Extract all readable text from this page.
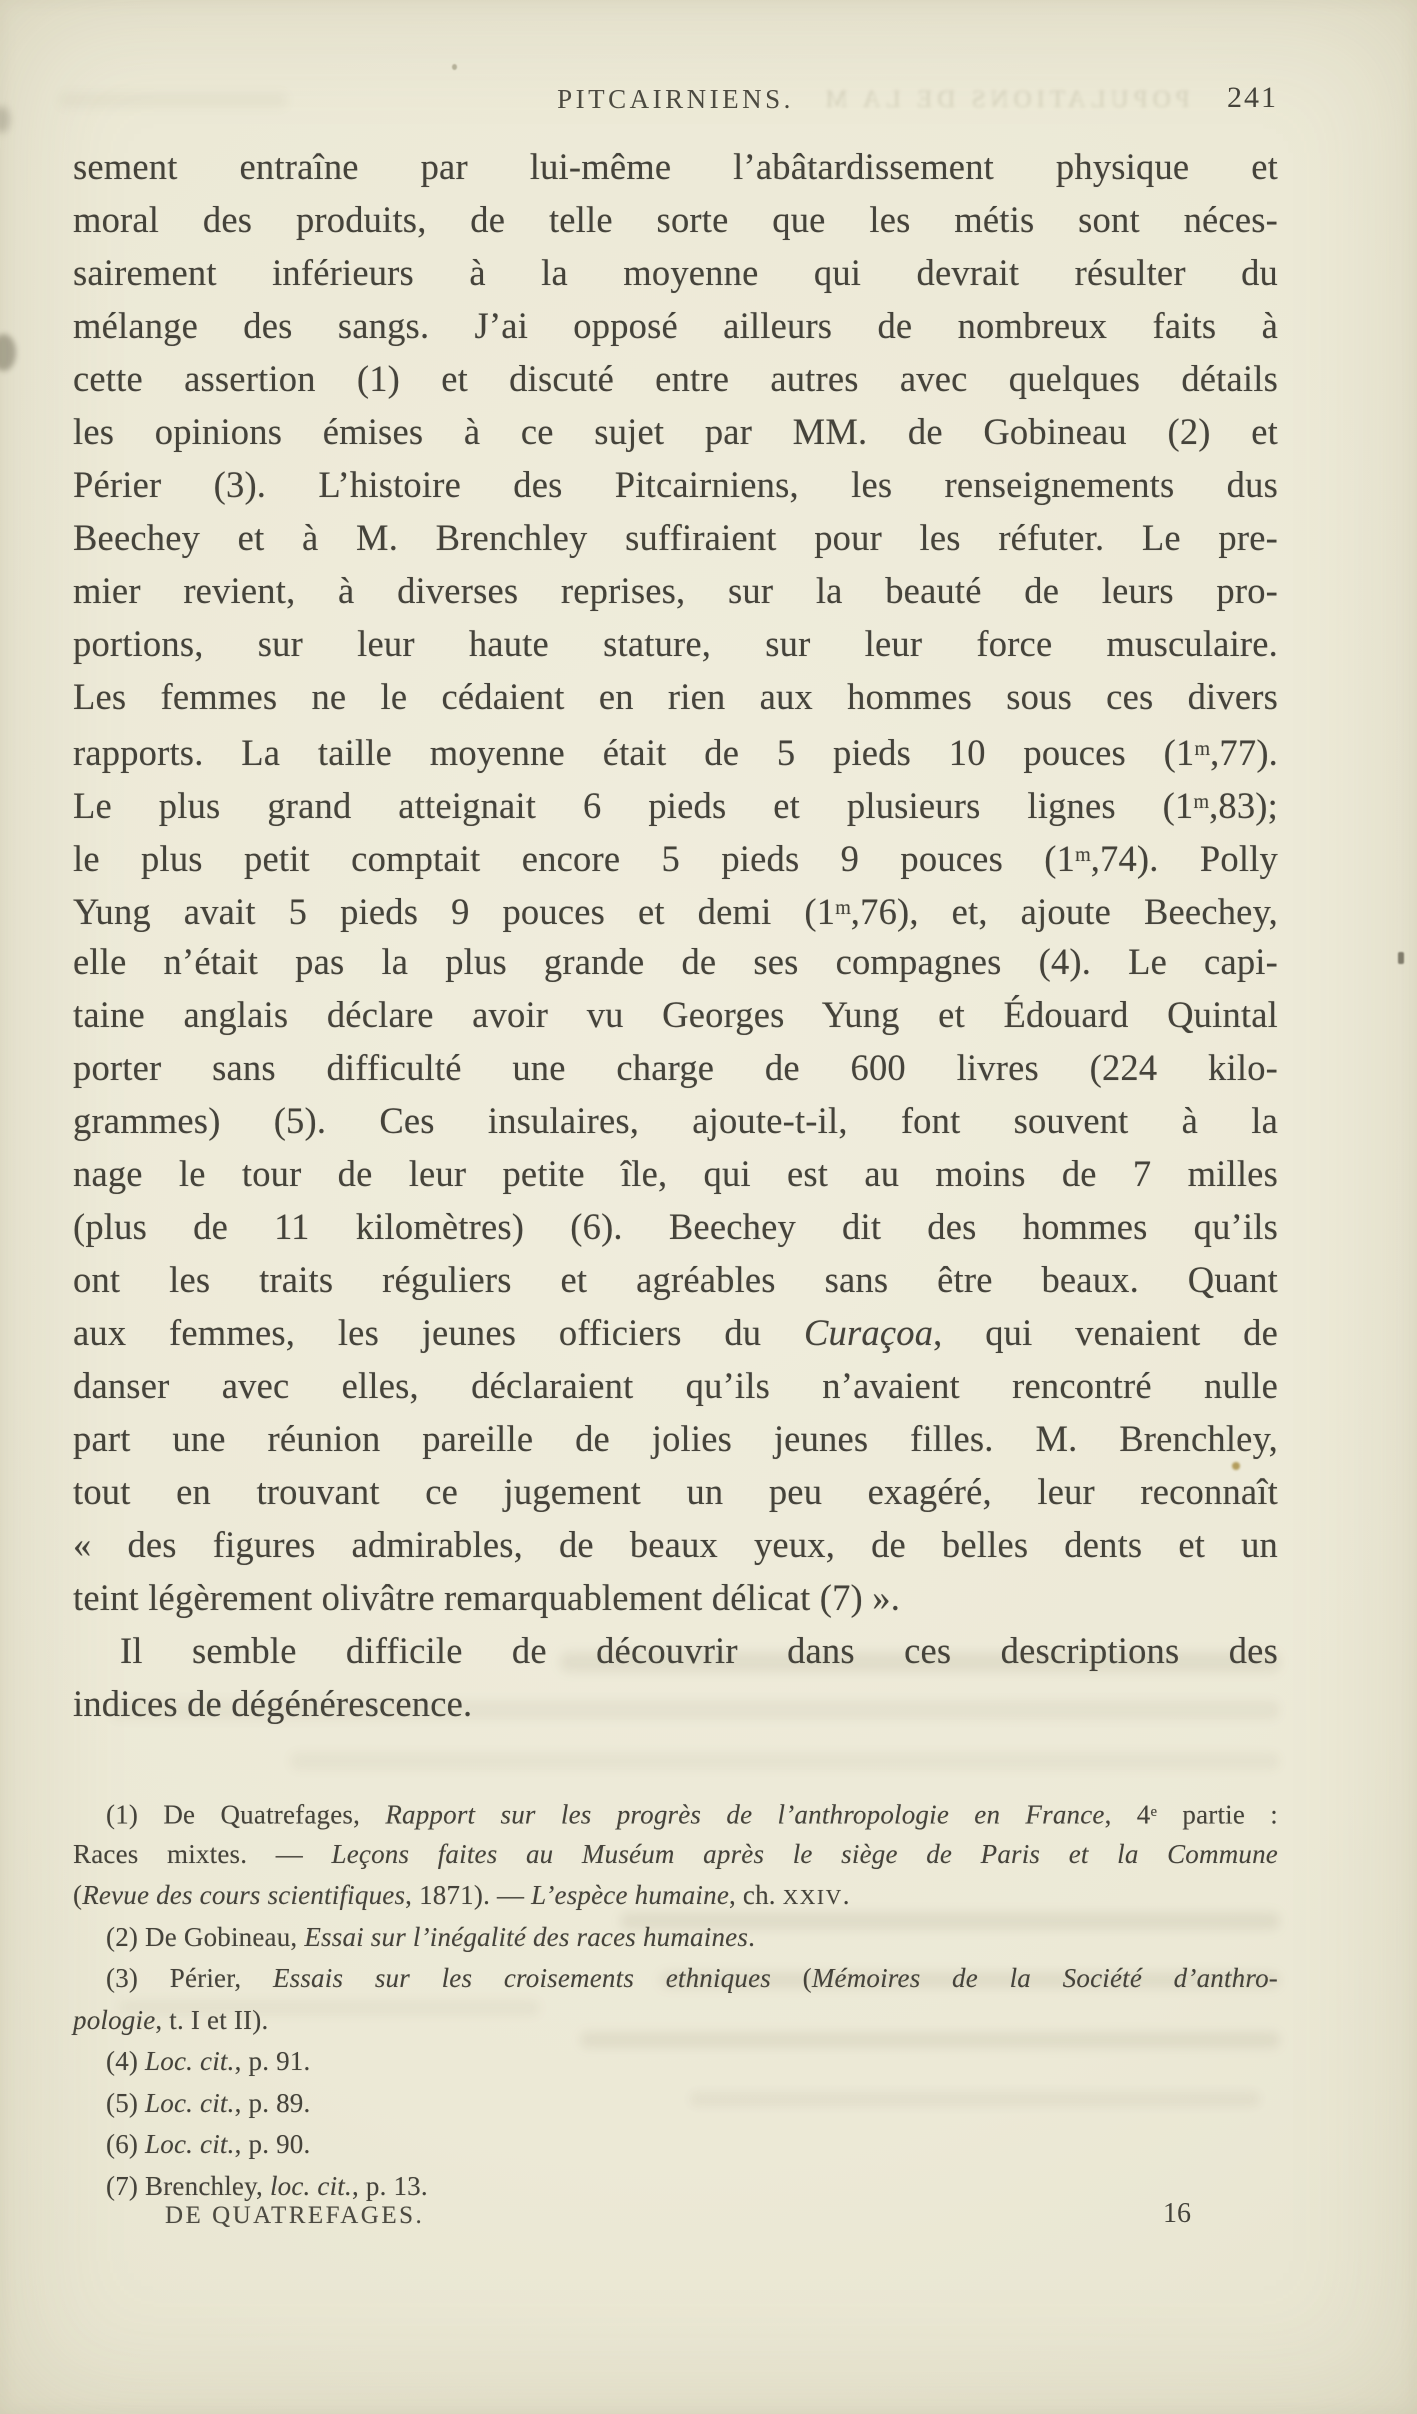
POPULATIONS DE LA M
PITCAIRNIENS.	241
sement entraîne par lui-même l’abâtardissement physique et
moral des produits, de telle sorte que les métis sont néces-
sairement inférieurs à la moyenne qui devrait résulter du
mélange des sangs. J’ai opposé ailleurs de nombreux faits à
cette assertion (1) et discuté entre autres avec quelques détails
les opinions émises à ce sujet par MM. de Gobineau (2) et
Périer (3). L’histoire des Pitcairniens, les renseignements dus
Beechey et à M. Brenchley suffiraient pour les réfuter. Le pre-
mier revient, à diverses reprises, sur la beauté de leurs pro-
portions, sur leur haute stature, sur leur force musculaire.
Les femmes ne le cédaient en rien aux hommes sous ces divers
rapports. La taille moyenne était de 5 pieds 10 pouces (1$^m$,77).
Le plus grand atteignait 6 pieds et plusieurs lignes (1$^m$,83);
le plus petit comptait encore 5 pieds 9 pouces (1$^m$,74). Polly
Yung avait 5 pieds 9 pouces et demi (1$^m$,76), et, ajoute Beechey,
elle n’était pas la plus grande de ses compagnes (4). Le capi-
taine anglais déclare avoir vu Georges Yung et Édouard Quintal
porter sans difficulté une charge de 600 livres (224 kilo-
grammes) (5). Ces insulaires, ajoute-t-il, font souvent à la
nage le tour de leur petite île, qui est au moins de 7 milles
(plus de 11 kilomètres) (6). Beechey dit des hommes qu’ils
ont les traits réguliers et agréables sans être beaux. Quant
aux femmes, les jeunes officiers du Curaçoa, qui venaient de
danser avec elles, déclaraient qu’ils n’avaient rencontré nulle
part une réunion pareille de jolies jeunes filles. M. Brenchley,
tout en trouvant ce jugement un peu exagéré, leur reconnaît
« des figures admirables, de beaux yeux, de belles dents et un
teint légèrement olivâtre remarquablement délicat (7) ».
Il semble difficile de découvrir dans ces descriptions des
indices de dégénérescence.
(1) De Quatrefages, Rapport sur les progrès de l’anthropologie en France, 4e partie :
Races mixtes. — Leçons faites au Muséum après le siège de Paris et la Commune
(Revue des cours scientifiques, 1871). — L’espèce humaine, ch. XXIV.
(2) De Gobineau, Essai sur l’inégalité des races humaines.
(3) Périer, Essais sur les croisements ethniques (Mémoires de la Société d’anthro-
pologie, t. I et II).
(4) Loc. cit., p. 91.
(5) Loc. cit., p. 89.
(6) Loc. cit., p. 90.
(7) Brenchley, loc. cit., p. 13.
DE QUATREFAGES.	16
